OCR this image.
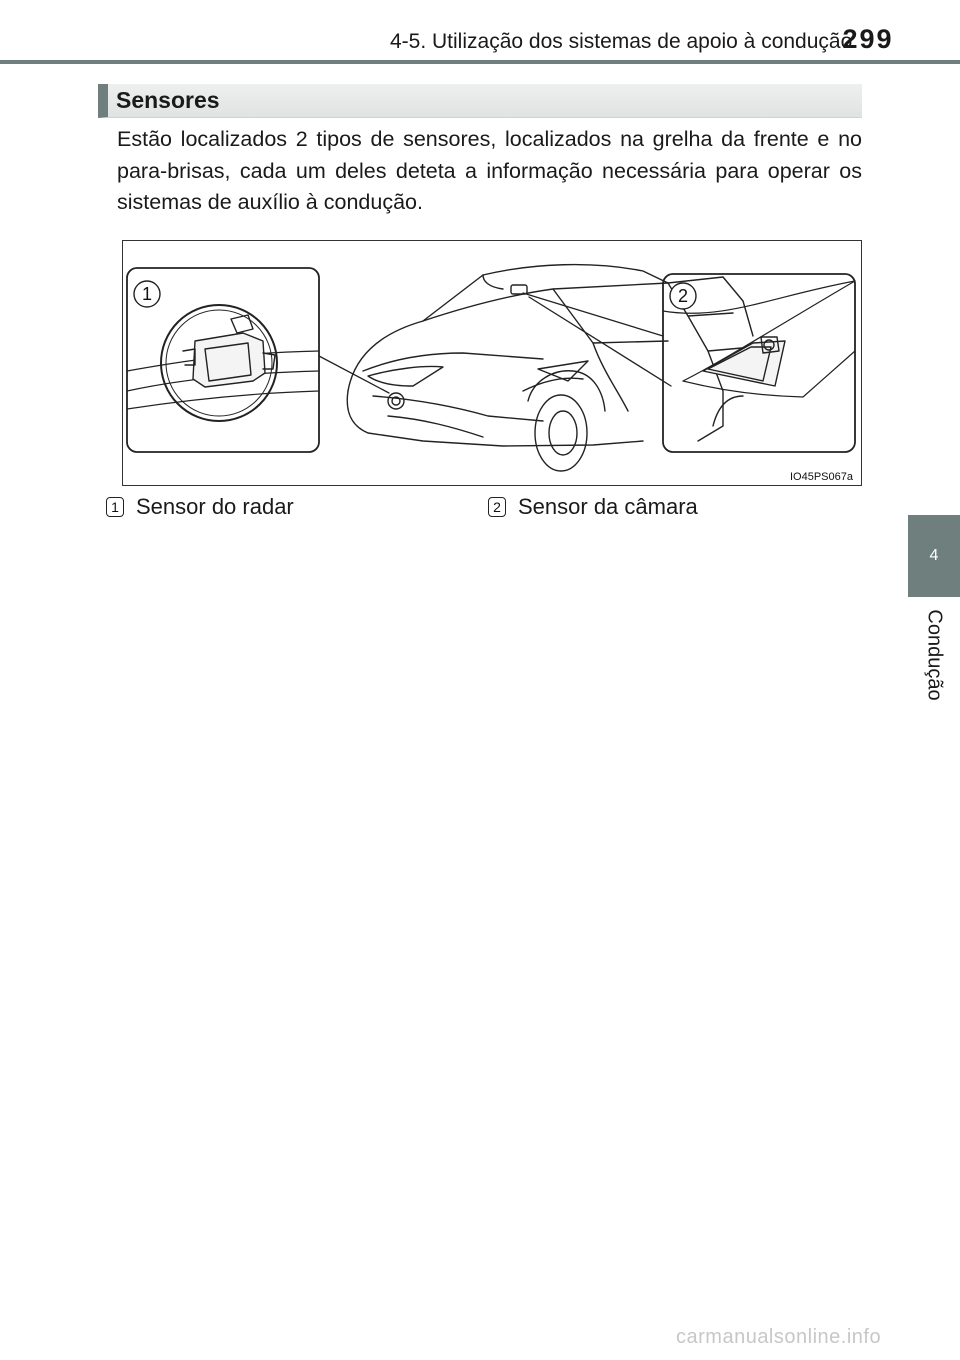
4-5. Utilização dos sistemas de apoio à condução
299
4
Condução
Sensores

Estão localizados 2 tipos de sensores, localizados na grelha da frente e no para-brisas, cada um deles deteta a informação necessária para operar os sistemas de auxílio à condução.

1	2
IO45PS067a
1 Sensor do radar	2 Sensor da câmara
carmanualsonline.info
